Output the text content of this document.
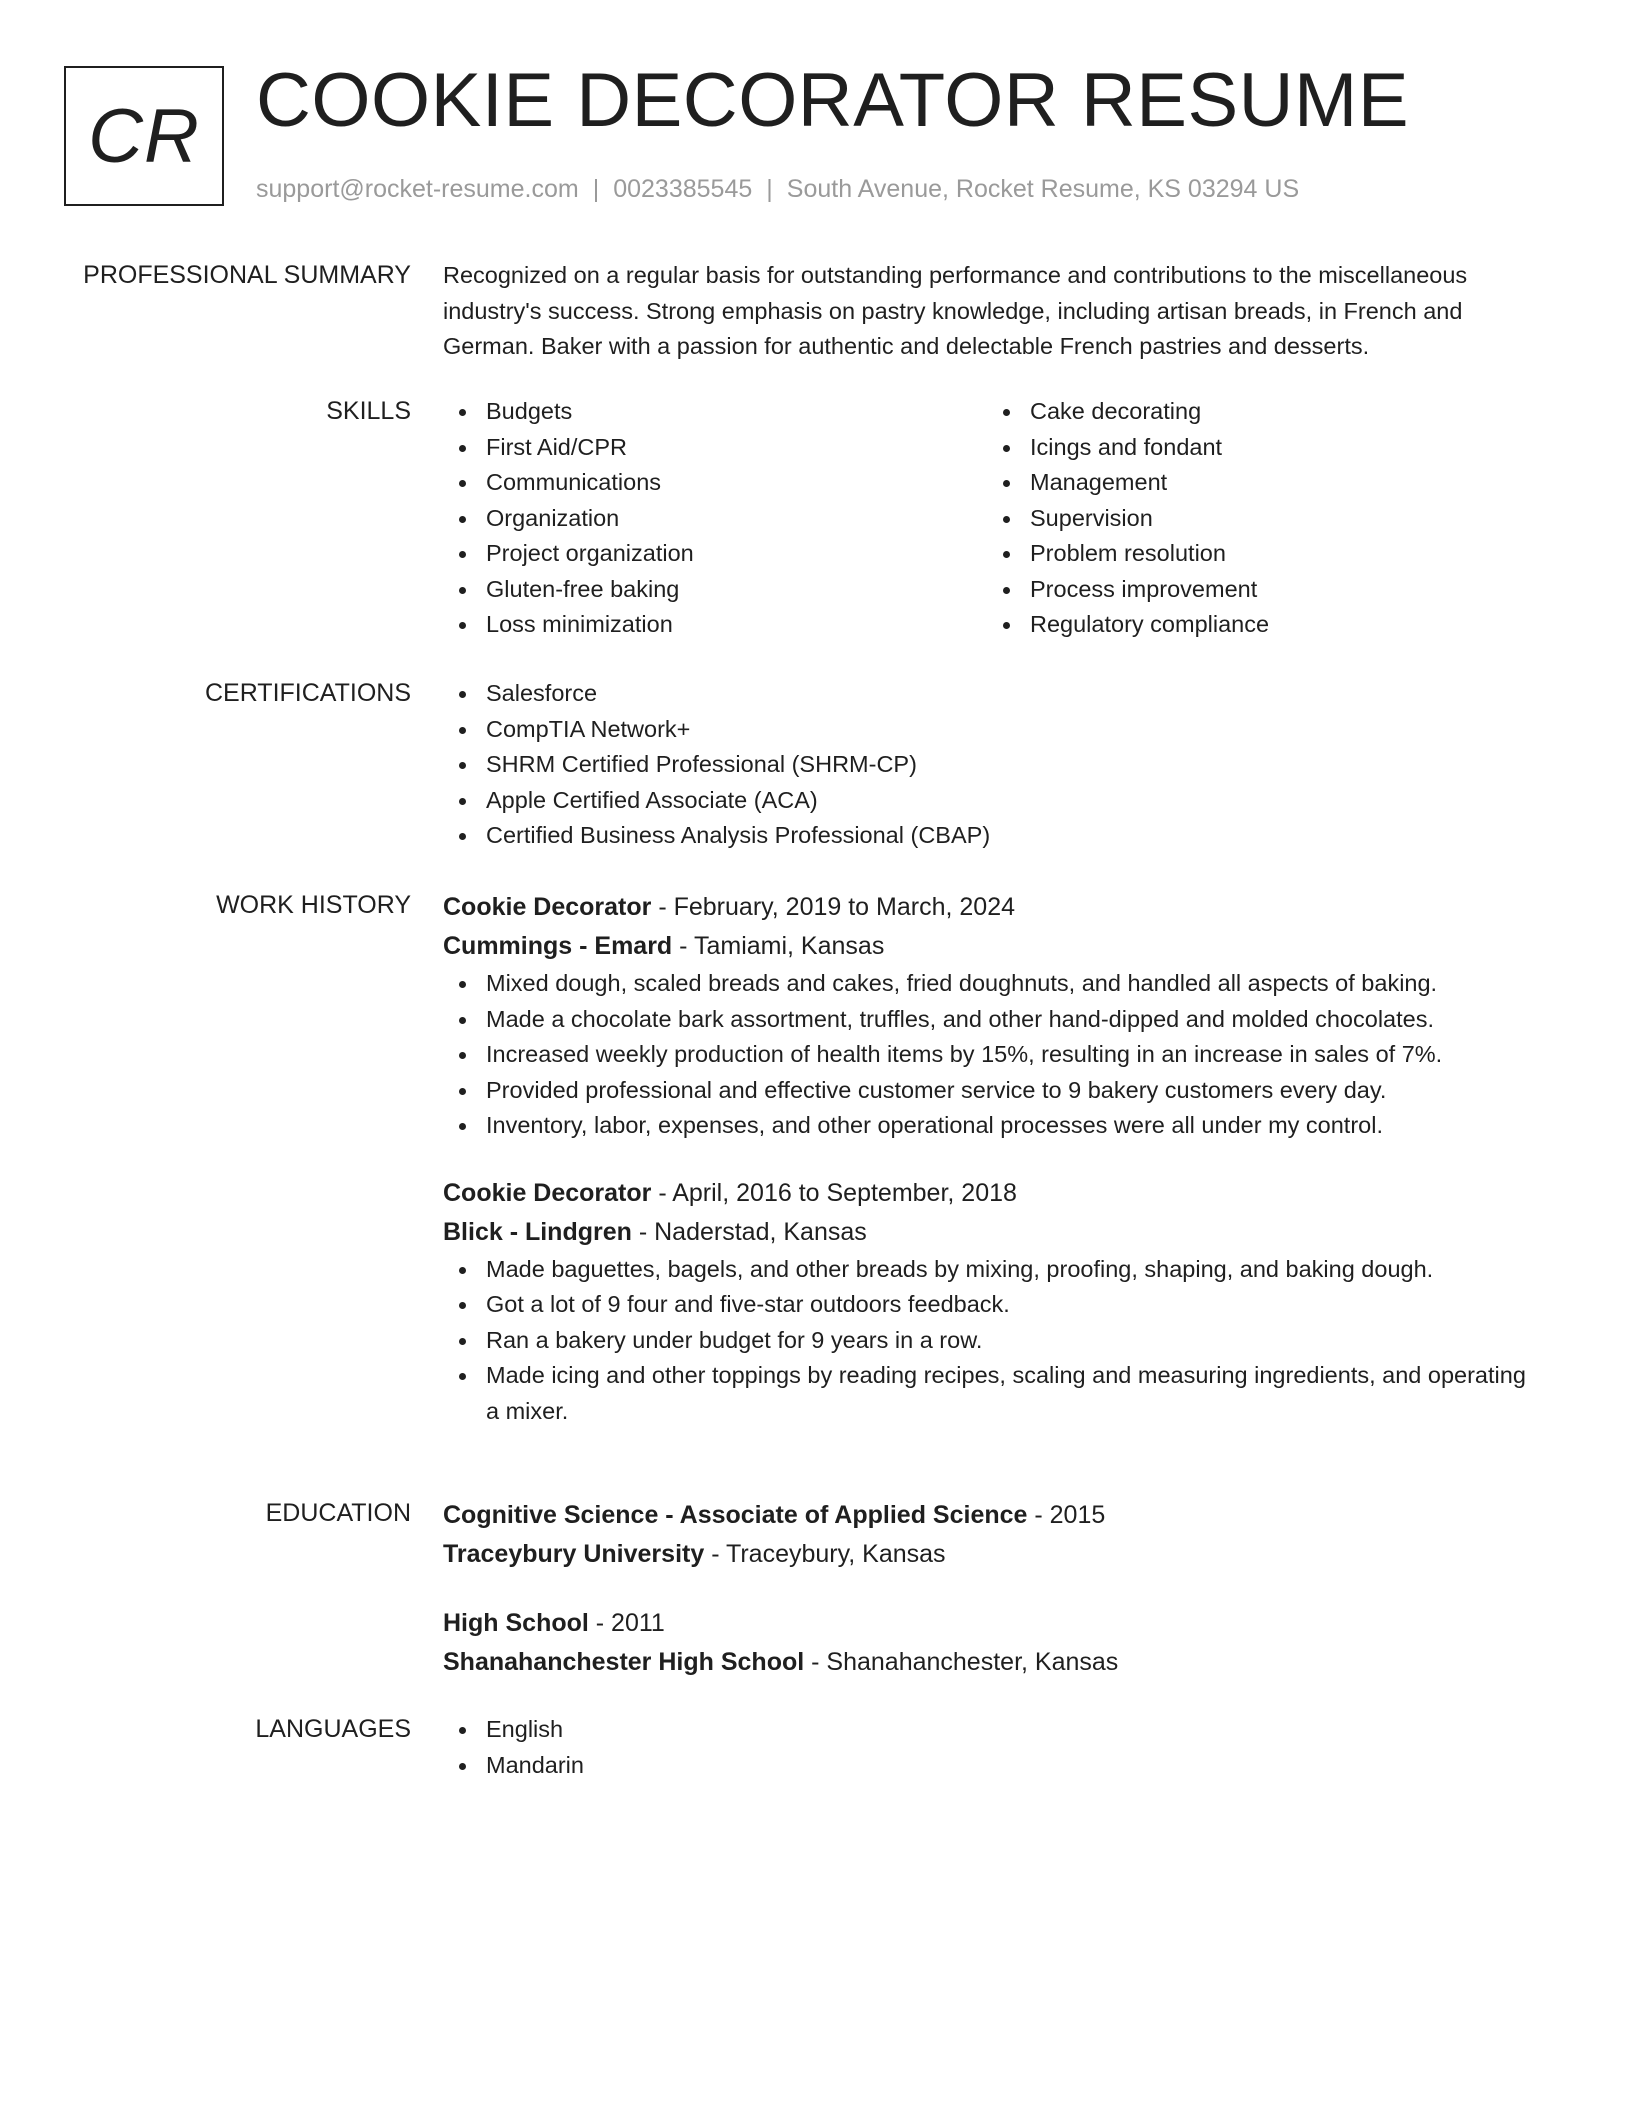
CR COOKIE DECORATOR RESUME
support@rocket-resume.com | 0023385545 | South Avenue, Rocket Resume, KS 03294 US
PROFESSIONAL SUMMARY Recognized on a regular basis for outstanding performance and contributions to the miscellaneous
industry's success. Strong emphasis on pastry knowledge, including artisan breads, in French and
German. Baker with a passion for authentic and delectable French pastries and desserts.
SKILLS	Budgets
First Aid/CPR
Communications
Organization
Project organization
Gluten-free baking
Loss minimization
Cake decorating
Icings and fondant
Management
Supervision
Problem resolution
Process improvement
Regulatory compliance
CERTIFICATIONS	Salesforce
CompTIA Network+
SHRM Certified Professional (SHRM-CP)
Apple Certified Associate (ACA)
Certified Business Analysis Professional (CBAP)
WORK HISTORY Cookie Decorator - February, 2019 to March, 2024
Cummings - Emard - Tamiami, Kansas
Mixed dough, scaled breads and cakes, fried doughnuts, and handled all aspects of baking.
Made a chocolate bark assortment, truffles, and other hand-dipped and molded chocolates.
Increased weekly production of health items by 15%, resulting in an increase in sales of 7%.
Provided professional and effective customer service to 9 bakery customers every day.
Inventory, labor, expenses, and other operational processes were all under my control.
Cookie Decorator - April, 2016 to September, 2018
Blick - Lindgren - Naderstad, Kansas
Made baguettes, bagels, and other breads by mixing, proofing, shaping, and baking dough.
Got a lot of 9 four and five-star outdoors feedback.
Ran a bakery under budget for 9 years in a row.
Made icing and other toppings by reading recipes, scaling and measuring ingredients, and operating a mixer.
EDUCATION Cognitive Science - Associate of Applied Science - 2015
Traceybury University - Traceybury, Kansas
High School - 2011
Shanahanchester High School - Shanahanchester, Kansas
LANGUAGES	English
Mandarin
